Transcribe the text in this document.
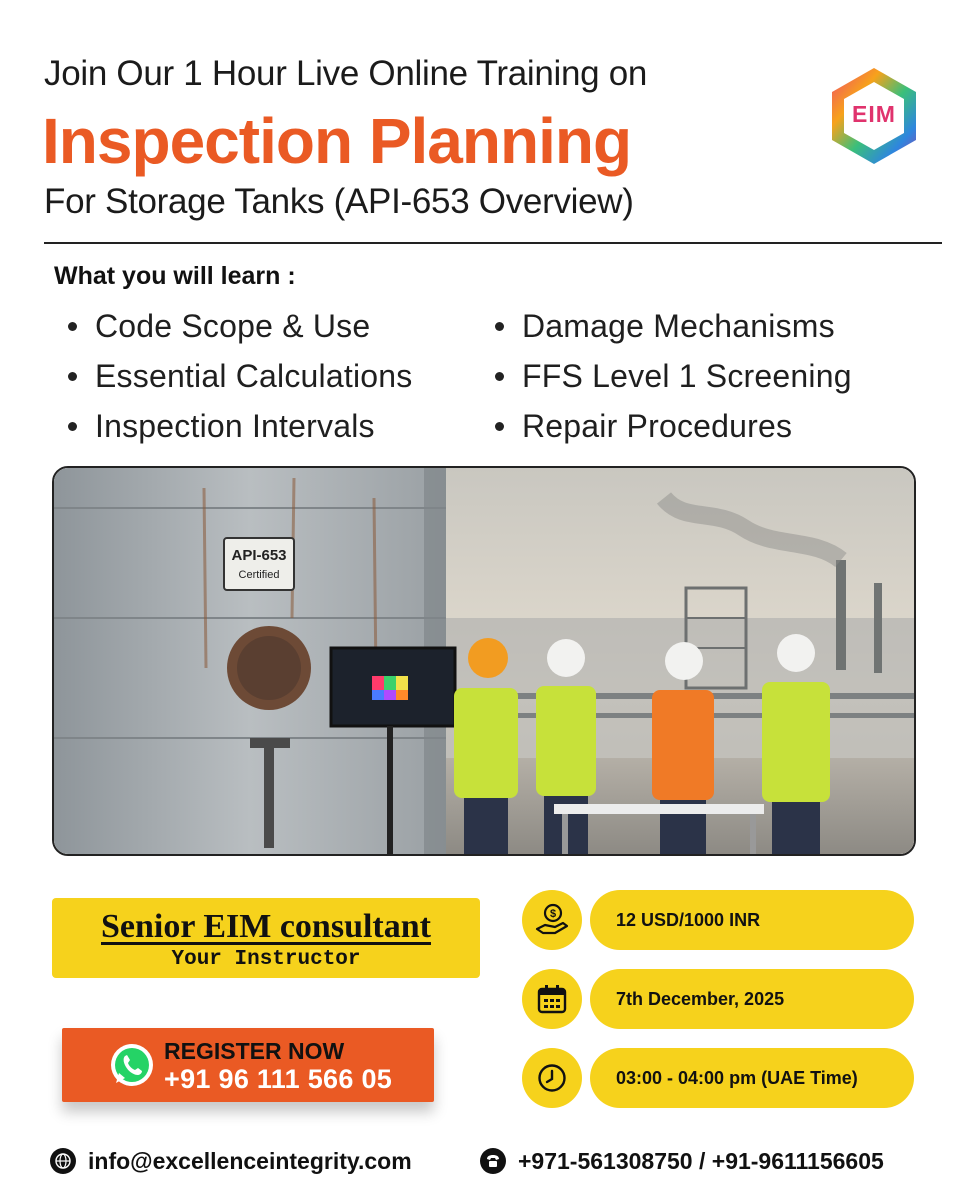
Join Our 1 Hour Live Online Training on
Inspection Planning
For Storage Tanks (API-653 Overview)
EIM
What you will learn :
Code Scope & Use	Damage Mechanisms
Essential Calculations	FFS Level 1 Screening
Inspection Intervals	Repair Procedures
API-653
Certified
Senior EIM consultant
Your Instructor
REGISTER NOW
+91 96 111 566 05
$	12 USD/1000 INR
7th December, 2025
03:00 - 04:00 pm (UAE Time)
info@excellenceintegrity.com	+971-561308750 / +91-9611156605
